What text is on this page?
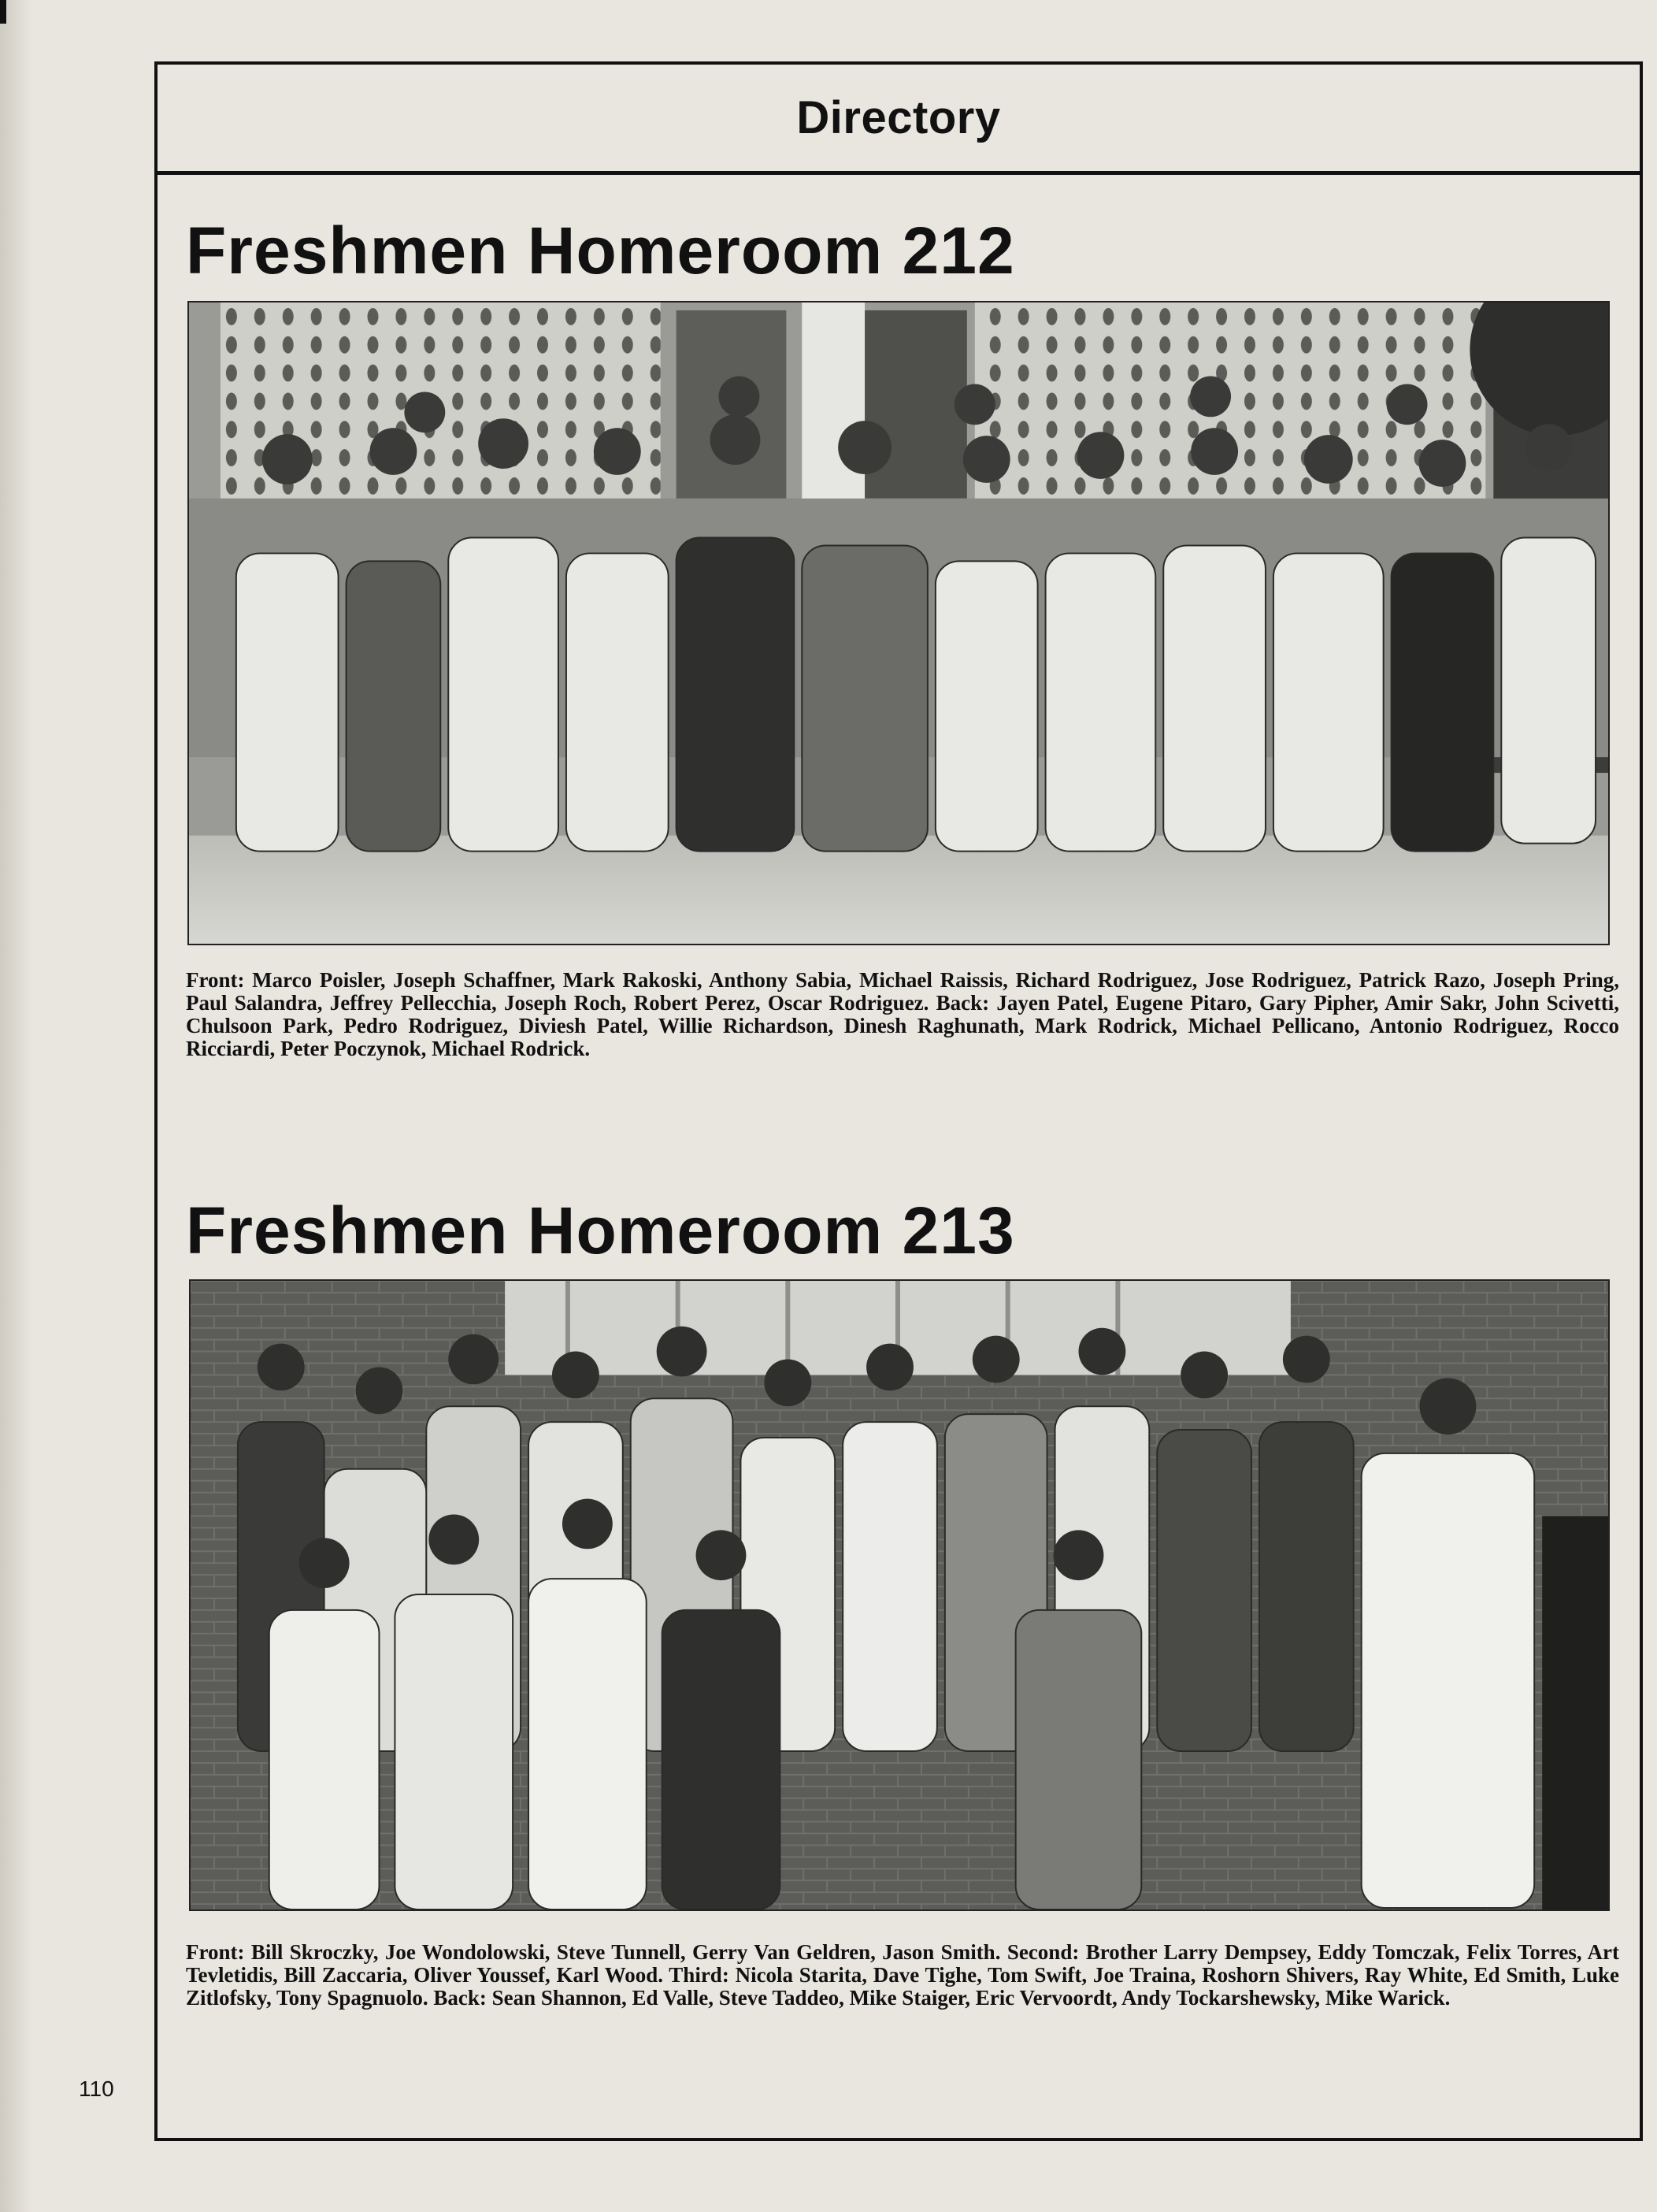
Directory
Freshmen Homeroom 212
Front: Marco Poisler, Joseph Schaffner, Mark Rakoski, Anthony Sabia, Michael Raissis, Richard Rodriguez, Jose Rodriguez, Patrick Razo, Joseph Pring, Paul Salandra, Jeffrey Pellecchia, Joseph Roch, Robert Perez, Oscar Rodriguez. Back: Jayen Patel, Eugene Pitaro, Gary Pipher, Amir Sakr, John Scivetti, Chulsoon Park, Pedro Rodriguez, Diviesh Patel, Willie Richardson, Dinesh Raghunath, Mark Rodrick, Michael Pellicano, Antonio Rodriguez, Rocco Ricciardi, Peter Poczynok, Michael Rodrick.
Freshmen Homeroom 213
Front: Bill Skroczky, Joe Wondolowski, Steve Tunnell, Gerry Van Geldren, Jason Smith. Second: Brother Larry Dempsey, Eddy Tomczak, Felix Torres, Art Tevletidis, Bill Zaccaria, Oliver Youssef, Karl Wood. Third: Nicola Starita, Dave Tighe, Tom Swift, Joe Traina, Roshorn Shivers, Ray White, Ed Smith, Luke Zitlofsky, Tony Spagnuolo. Back: Sean Shannon, Ed Valle, Steve Taddeo, Mike Staiger, Eric Vervoordt, Andy Tockarshewsky, Mike Warick.
110
